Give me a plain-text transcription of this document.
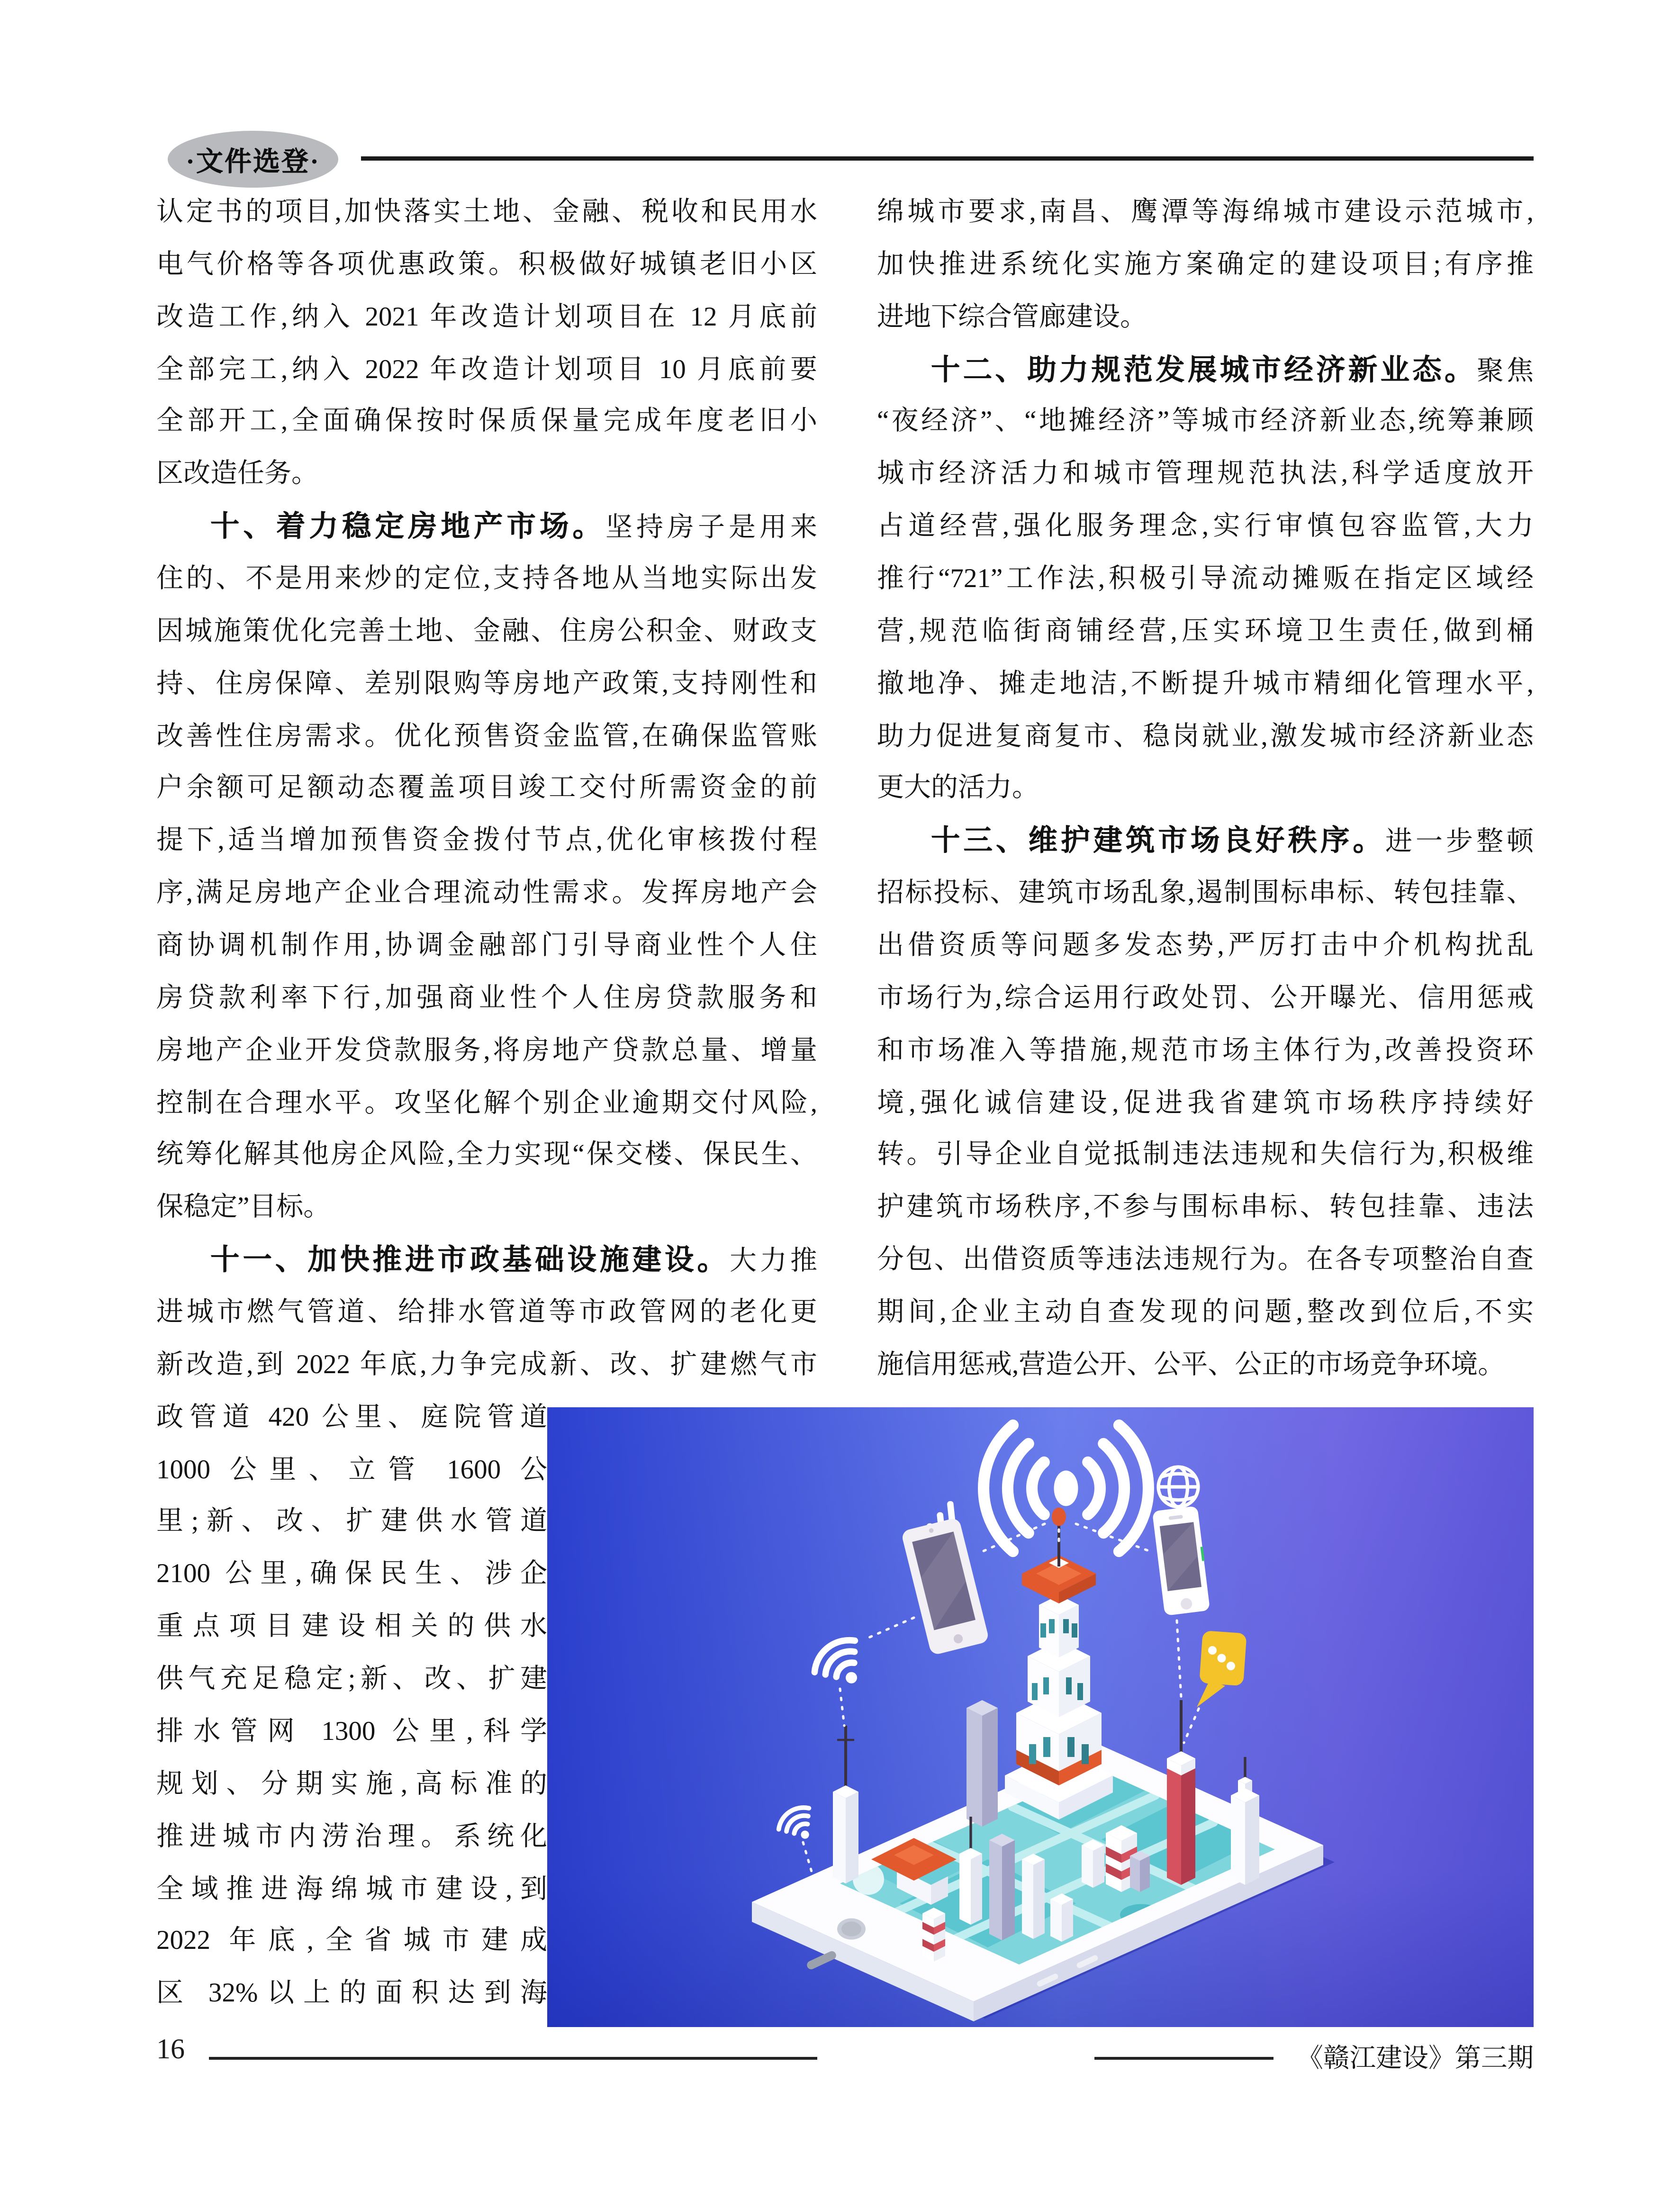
·文件选登·
认定书的项目,加快落实土地、金融、税收和民用水
电气价格等各项优惠政策。积极做好城镇老旧小区
改造工作,纳入 2021 年改造计划项目在 12 月底前
全部完工,纳入 2022 年改造计划项目 10 月底前要
全部开工,全面确保按时保质保量完成年度老旧小
区改造任务。
十、着力稳定房地产市场。坚持房子是用来
住的、不是用来炒的定位,支持各地从当地实际出发
因城施策优化完善土地、金融、住房公积金、财政支
持、住房保障、差别限购等房地产政策,支持刚性和
改善性住房需求。优化预售资金监管,在确保监管账
户余额可足额动态覆盖项目竣工交付所需资金的前
提下,适当增加预售资金拨付节点,优化审核拨付程
序,满足房地产企业合理流动性需求。发挥房地产会
商协调机制作用,协调金融部门引导商业性个人住
房贷款利率下行,加强商业性个人住房贷款服务和
房地产企业开发贷款服务,将房地产贷款总量、增量
控制在合理水平。攻坚化解个别企业逾期交付风险,
统筹化解其他房企风险,全力实现“保交楼、保民生、
保稳定”目标。
十一、加快推进市政基础设施建设。大力推
进城市燃气管道、给排水管道等市政管网的老化更
新改造,到 2022 年底,力争完成新、改、扩建燃气市
政管道 420 公里、庭院管道
1000 公里、立管 1600 公
里;新、改、扩建供水管道
2100 公里,确保民生、涉企
重点项目建设相关的供水
供气充足稳定;新、改、扩建
排水管网 1300 公里,科学
规划、分期实施,高标准的
推进城市内涝治理。系统化
全域推进海绵城市建设,到
2022 年底,全省城市建成
区 32%以上的面积达到海
绵城市要求,南昌、鹰潭等海绵城市建设示范城市,
加快推进系统化实施方案确定的建设项目;有序推
进地下综合管廊建设。
十二、助力规范发展城市经济新业态。聚焦
“夜经济”、“地摊经济”等城市经济新业态,统筹兼顾
城市经济活力和城市管理规范执法,科学适度放开
占道经营,强化服务理念,实行审慎包容监管,大力
推行“721”工作法,积极引导流动摊贩在指定区域经
营,规范临街商铺经营,压实环境卫生责任,做到桶
撤地净、摊走地洁,不断提升城市精细化管理水平,
助力促进复商复市、稳岗就业,激发城市经济新业态
更大的活力。
十三、维护建筑市场良好秩序。进一步整顿
招标投标、建筑市场乱象,遏制围标串标、转包挂靠、
出借资质等问题多发态势,严厉打击中介机构扰乱
市场行为,综合运用行政处罚、公开曝光、信用惩戒
和市场准入等措施,规范市场主体行为,改善投资环
境,强化诚信建设,促进我省建筑市场秩序持续好
转。引导企业自觉抵制违法违规和失信行为,积极维
护建筑市场秩序,不参与围标串标、转包挂靠、违法
分包、出借资质等违法违规行为。在各专项整治自查
期间,企业主动自查发现的问题,整改到位后,不实
施信用惩戒,营造公开、公平、公正的市场竞争环境。
16	《赣江建设》第三期
